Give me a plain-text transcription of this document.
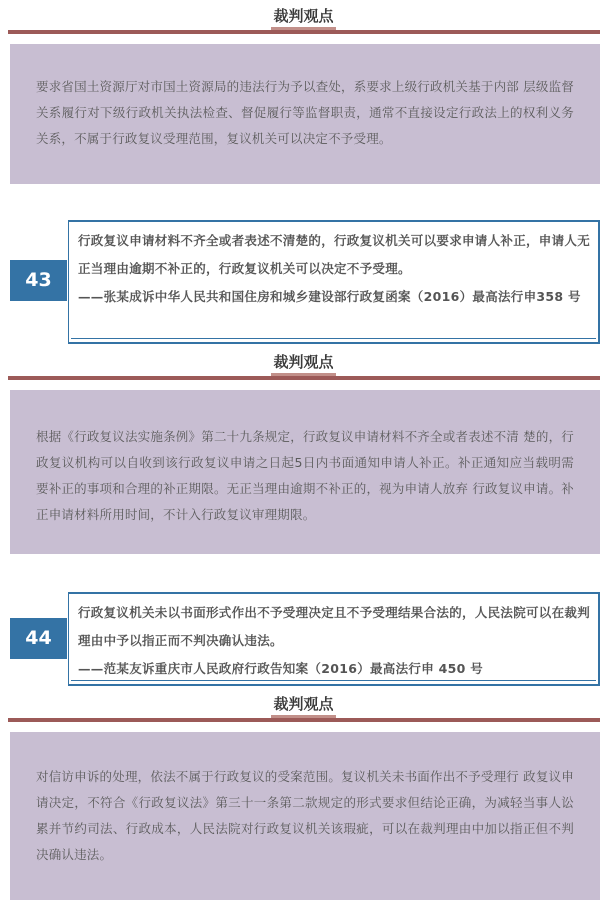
裁判观点
要求省国土资源厅对市国土资源局的违法行为予以查处，系要求上级行政机关基于内部 层级监督关系履行对下级行政机关执法检查、督促履行等监督职责，通常不直接设定行政法上的权利义务关系，不属于行政复议受理范围，复议机关可以决定不予受理。
43

行政复议申请材料不齐全或者表述不清楚的，行政复议机关可以要求申请人补正，申请人无正当理由逾期不补正的，行政复议机关可以决定不予受理。

——张某成诉中华人民共和国住房和城乡建设部行政复函案（2016）最高法行申358 号

裁判观点
根据《行政复议法实施条例》第二十九条规定，行政复议申请材料不齐全或者表述不清 楚的，行政复议机构可以自收到该行政复议申请之日起5日内书面通知申请人补正。补正通知应当载明需要补正的事项和合理的补正期限。无正当理由逾期不补正的，视为申请人放弃 行政复议申请。补正申请材料所用时间，不计入行政复议审理期限。
44

行政复议机关未以书面形式作出不予受理决定且不予受理结果合法的，人民法院可以在裁判理由中予以指正而不判决确认违法。

——范某友诉重庆市人民政府行政告知案（2016）最高法行申 450 号

裁判观点
对信访申诉的处理，依法不属于行政复议的受案范围。复议机关未书面作出不予受理行 政复议申请决定，不符合《行政复议法》第三十一条第二款规定的形式要求但结论正确，为减轻当事人讼累并节约司法、行政成本，人民法院对行政复议机关该瑕疵，可以在裁判理由中加以指正但不判决确认违法。
